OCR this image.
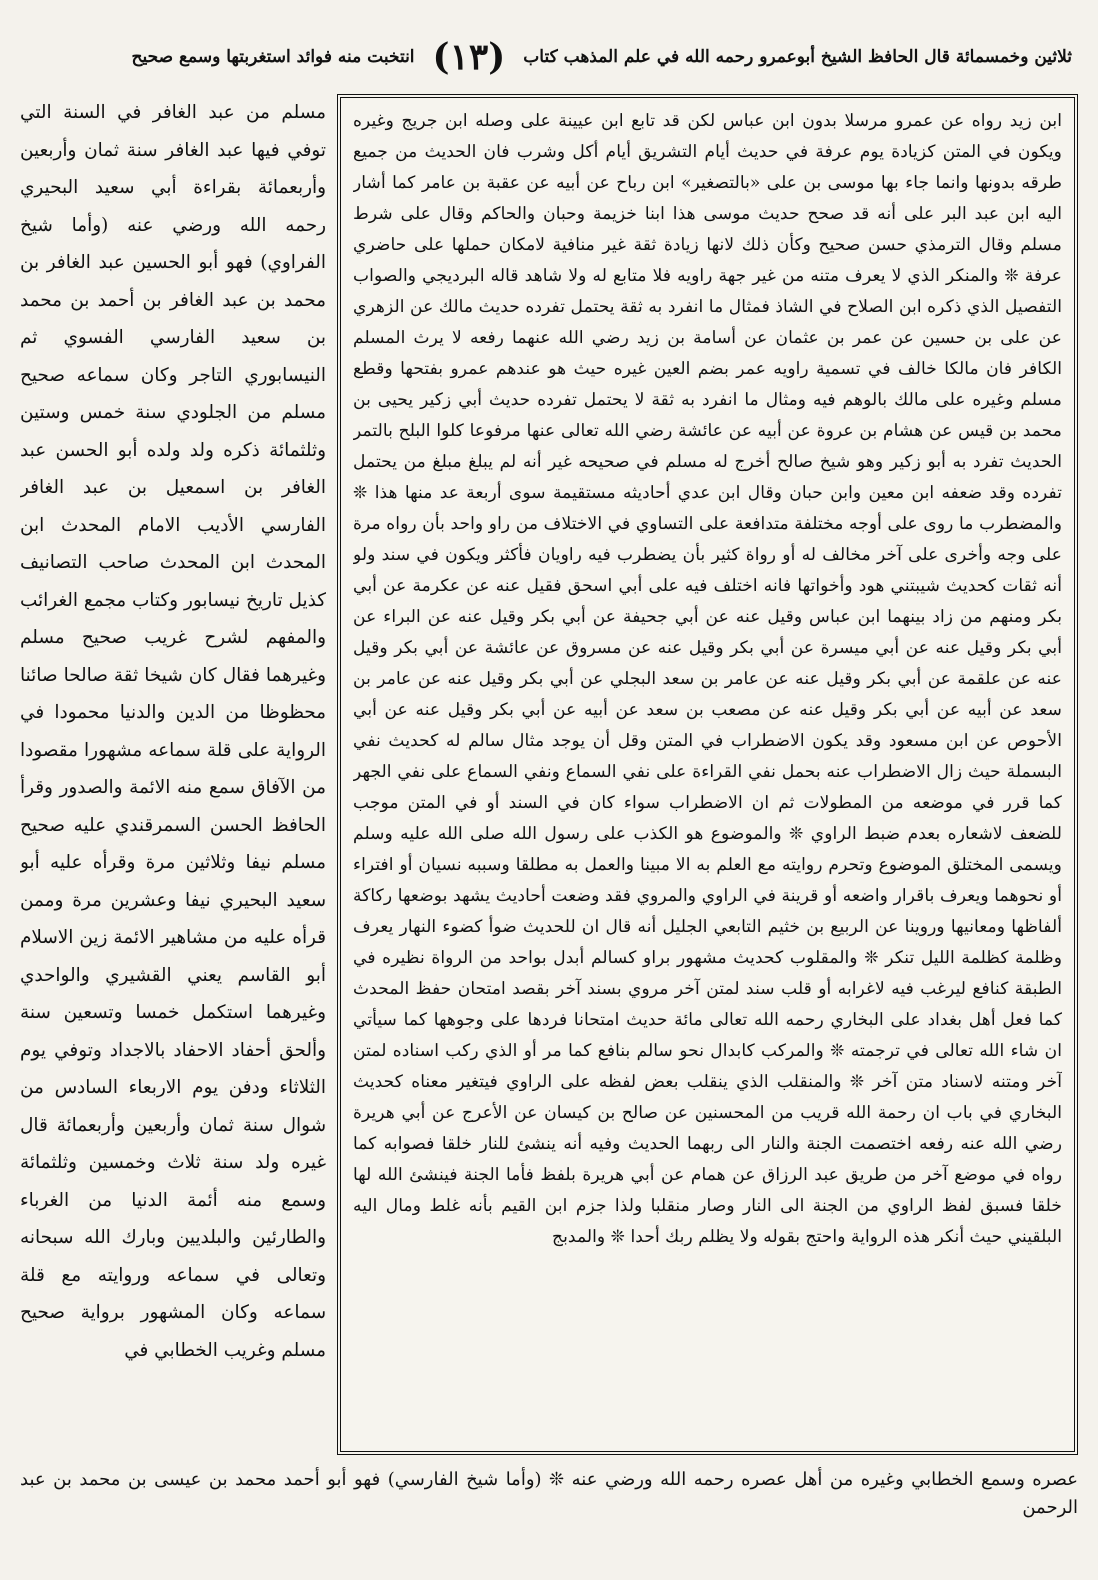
ثلاثين وخمسمائة قال الحافظ الشيخ أبوعمرو رحمه الله في علم المذهب كتاب
(١٣)
انتخبت منه فوائد استغربتها وسمع صحيح

ابن زيد رواه عن عمرو مرسلا بدون ابن عباس لكن قد تابع ابن عيينة على وصله ابن جريج وغيره ويكون في المتن كزيادة يوم عرفة في حديث أيام التشريق أيام أكل وشرب فان الحديث من جميع طرقه بدونها وانما جاء بها موسى بن على «بالتصغير» ابن رباح عن أبيه عن عقبة بن عامر كما أشار اليه ابن عبد البر على أنه قد صحح حديث موسى هذا ابنا خزيمة وحبان والحاكم وقال على شرط مسلم وقال الترمذي حسن صحيح وكأن ذلك لانها زيادة ثقة غير منافية لامكان حملها على حاضري عرفة ❊ والمنكر الذي لا يعرف متنه من غير جهة راويه فلا متابع له ولا شاهد قاله البرديجي والصواب التفصيل الذي ذكره ابن الصلاح في الشاذ فمثال ما انفرد به ثقة يحتمل تفرده حديث مالك عن الزهري عن على بن حسين عن عمر بن عثمان عن أسامة بن زيد رضي الله عنهما رفعه لا يرث المسلم الكافر فان مالكا خالف في تسمية راويه عمر بضم العين غيره حيث هو عندهم عمرو بفتحها وقطع مسلم وغيره على مالك بالوهم فيه ومثال ما انفرد به ثقة لا يحتمل تفرده حديث أبي زكير يحيى بن محمد بن قيس عن هشام بن عروة عن أبيه عن عائشة رضي الله تعالى عنها مرفوعا كلوا البلح بالتمر الحديث تفرد به أبو زكير وهو شيخ صالح أخرج له مسلم في صحيحه غير أنه لم يبلغ مبلغ من يحتمل تفرده وقد ضعفه ابن معين وابن حبان وقال ابن عدي أحاديثه مستقيمة سوى أربعة عد منها هذا ❊ والمضطرب ما روى على أوجه مختلفة متدافعة على التساوي في الاختلاف من راو واحد بأن رواه مرة على وجه وأخرى على آخر مخالف له أو رواة كثير بأن يضطرب فيه راويان فأكثر ويكون في سند ولو أنه ثقات كحديث شيبتني هود وأخواتها فانه اختلف فيه على أبي اسحق فقيل عنه عن عكرمة عن أبي بكر ومنهم من زاد بينهما ابن عباس وقيل عنه عن أبي جحيفة عن أبي بكر وقيل عنه عن البراء عن أبي بكر وقيل عنه عن أبي ميسرة عن أبي بكر وقيل عنه عن مسروق عن عائشة عن أبي بكر وقيل عنه عن علقمة عن أبي بكر وقيل عنه عن عامر بن سعد البجلي عن أبي بكر وقيل عنه عن عامر بن سعد عن أبيه عن أبي بكر وقيل عنه عن مصعب بن سعد عن أبيه عن أبي بكر وقيل عنه عن أبي الأحوص عن ابن مسعود وقد يكون الاضطراب في المتن وقل أن يوجد مثال سالم له كحديث نفي البسملة حيث زال الاضطراب عنه بحمل نفي القراءة على نفي السماع ونفي السماع على نفي الجهر كما قرر في موضعه من المطولات ثم ان الاضطراب سواء كان في السند أو في المتن موجب للضعف لاشعاره بعدم ضبط الراوي ❊ والموضوع هو الكذب على رسول الله صلى الله عليه وسلم ويسمى المختلق الموضوع وتحرم روايته مع العلم به الا مبينا والعمل به مطلقا وسببه نسيان أو افتراء أو نحوهما ويعرف باقرار واضعه أو قرينة في الراوي والمروي فقد وضعت أحاديث يشهد بوضعها ركاكة ألفاظها ومعانيها وروينا عن الربيع بن خثيم التابعي الجليل أنه قال ان للحديث ضوأ كضوء النهار يعرف وظلمة كظلمة الليل تنكر ❊ والمقلوب كحديث مشهور براو كسالم أبدل بواحد من الرواة نظيره في الطبقة كنافع ليرغب فيه لاغرابه أو قلب سند لمتن آخر مروي بسند آخر بقصد امتحان حفظ المحدث كما فعل أهل بغداد على البخاري رحمه الله تعالى مائة حديث امتحانا فردها على وجوهها كما سيأتي ان شاء الله تعالى في ترجمته ❊ والمركب كابدال نحو سالم بنافع كما مر أو الذي ركب اسناده لمتن آخر ومتنه لاسناد متن آخر ❊ والمنقلب الذي ينقلب بعض لفظه على الراوي فيتغير معناه كحديث البخاري في باب ان رحمة الله قريب من المحسنين عن صالح بن كيسان عن الأعرج عن أبي هريرة رضي الله عنه رفعه اختصمت الجنة والنار الى ربهما الحديث وفيه أنه ينشئ للنار خلقا فصوابه كما رواه في موضع آخر من طريق عبد الرزاق عن همام عن أبي هريرة بلفظ فأما الجنة فينشئ الله لها خلقا فسبق لفظ الراوي من الجنة الى النار وصار منقلبا ولذا جزم ابن القيم بأنه غلط ومال اليه البلقيني حيث أنكر هذه الرواية واحتج بقوله ولا يظلم ربك أحدا ❊ والمدبج

مسلم من عبد الغافر في السنة التي توفي فيها عبد الغافر سنة ثمان وأربعين وأربعمائة بقراءة أبي سعيد البحيري رحمه الله ورضي عنه (وأما شيخ الفراوي) فهو أبو الحسين عبد الغافر بن محمد بن عبد الغافر بن أحمد بن محمد بن سعيد الفارسي الفسوي ثم النيسابوري التاجر وكان سماعه صحيح مسلم من الجلودي سنة خمس وستين وثلثمائة ذكره ولد ولده أبو الحسن عبد الغافر بن اسمعيل بن عبد الغافر الفارسي الأديب الامام المحدث ابن المحدث ابن المحدث صاحب التصانيف كذيل تاريخ نيسابور وكتاب مجمع الغرائب والمفهم لشرح غريب صحيح مسلم وغيرهما فقال كان شيخا ثقة صالحا صائنا محظوظا من الدين والدنيا محمودا في الرواية على قلة سماعه مشهورا مقصودا من الآفاق سمع منه الائمة والصدور وقرأ الحافظ الحسن السمرقندي عليه صحيح مسلم نيفا وثلاثين مرة وقرأه عليه أبو سعيد البحيري نيفا وعشرين مرة وممن قرأه عليه من مشاهير الائمة زين الاسلام أبو القاسم يعني القشيري والواحدي وغيرهما استكمل خمسا وتسعين سنة وألحق أحفاد الاحفاد بالاجداد وتوفي يوم الثلاثاء ودفن يوم الاربعاء السادس من شوال سنة ثمان وأربعين وأربعمائة قال غيره ولد سنة ثلاث وخمسين وثلثمائة وسمع منه أئمة الدنيا من الغرباء والطارئين والبلديين وبارك الله سبحانه وتعالى في سماعه وروايته مع قلة سماعه وكان المشهور برواية صحيح مسلم وغريب الخطابي في

عصره وسمع الخطابي وغيره من أهل عصره رحمه الله ورضي عنه ❊ (وأما شيخ الفارسي) فهو أبو أحمد محمد بن عيسى بن محمد بن عبد الرحمن
